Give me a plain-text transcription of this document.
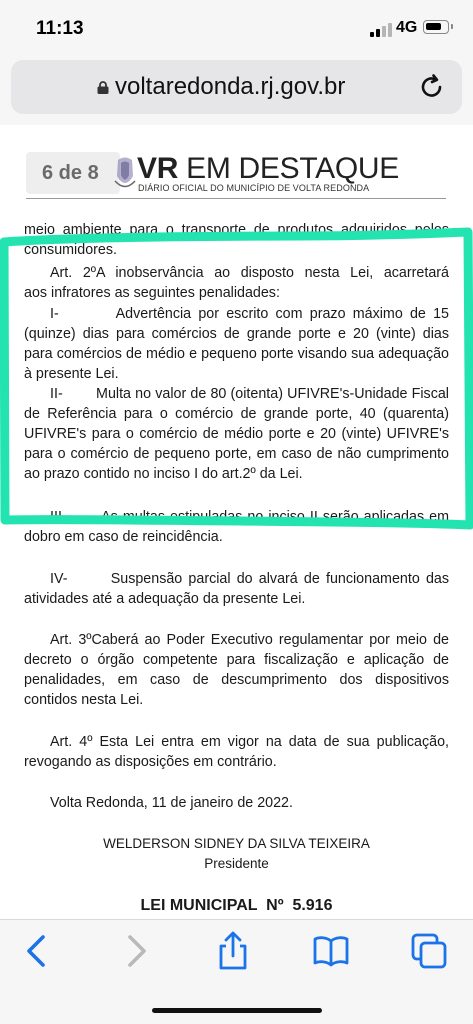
11:13	4G
voltaredonda.rj.gov.br
6 de 8 VR EM DESTAQUE
DIÁRIO OFICIAL DO MUNICÍPIO DE VOLTA REDONDA
meio ambiente para o transporte de produtos adquiridos pelos
consumidores.
Art. 2ºA inobservância ao disposto nesta Lei, acarretará
aos infratores as seguintes penalidades:
I-        Advertência por escrito com prazo máximo de 15
(quinze) dias para comércios de grande porte e 20 (vinte) dias
para comércios de médio e pequeno porte visando sua adequação
à presente Lei.
II-        Multa no valor de 80 (oitenta) UFIVRE's-Unidade Fiscal
de Referência para o comércio de grande porte, 40 (quarenta)
UFIVRE's para o comércio de médio porte e 20 (vinte) UFIVRE's
para o comércio de pequeno porte, em caso de não cumprimento
ao prazo contido no inciso I do art.2º da Lei.
III-       As multas estipuladas no inciso II serão aplicadas em
dobro em caso de reincidência.
IV-       Suspensão parcial do alvará de funcionamento das
atividades até a adequação da presente Lei.
Art. 3ºCaberá ao Poder Executivo regulamentar por meio de
decreto o órgão competente para fiscalização e aplicação de
penalidades, em caso de descumprimento dos dispositivos
contidos nesta Lei.
Art. 4º Esta Lei entra em vigor na data de sua publicação,
revogando as disposições em contrário.
Volta Redonda, 11 de janeiro de 2022.
WELDERSON SIDNEY DA SILVA TEIXEIRA
Presidente
LEI MUNICIPAL  Nº  5.916
